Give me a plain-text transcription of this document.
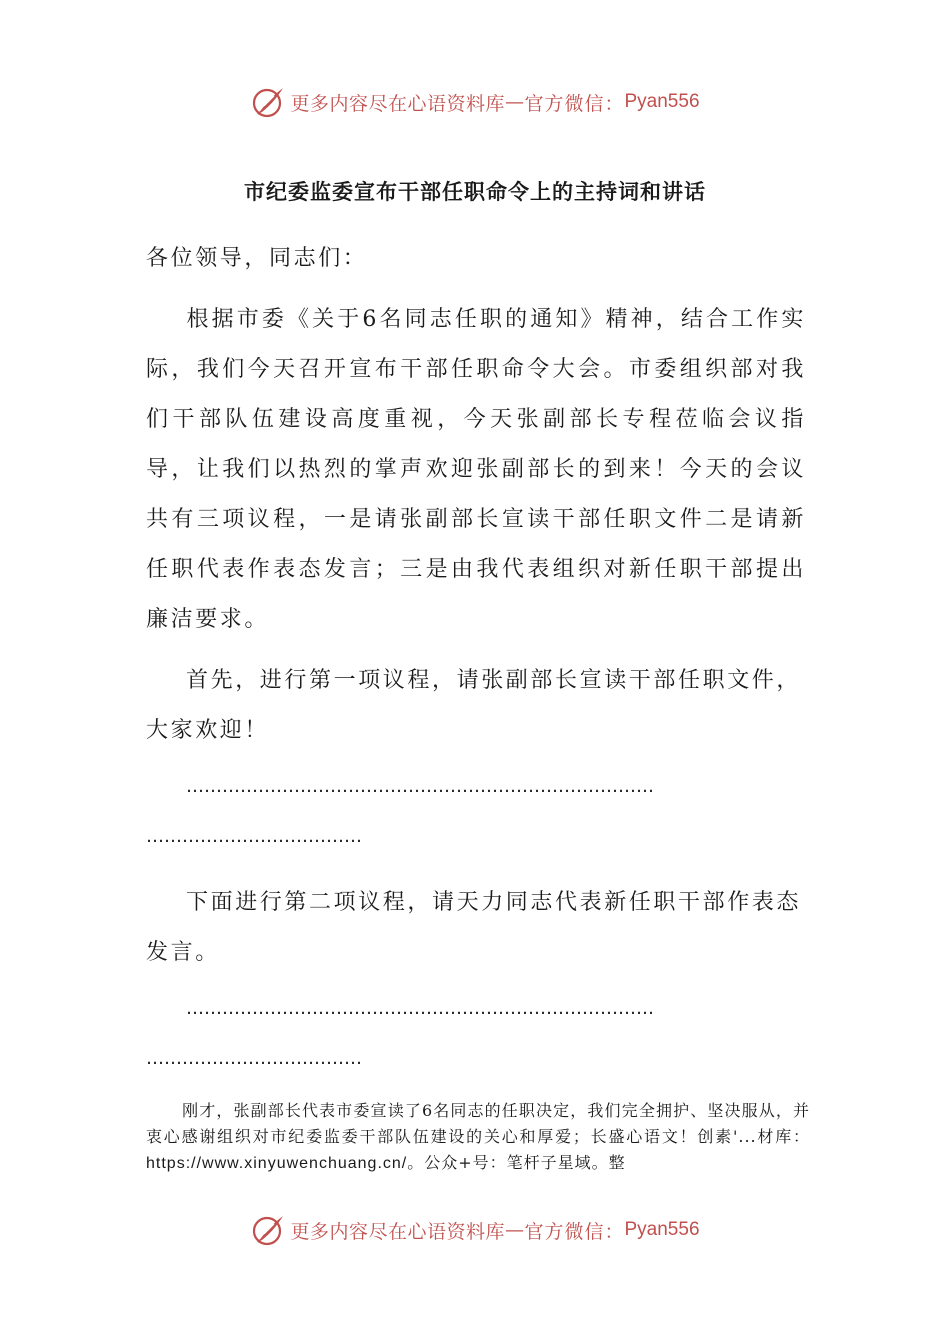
更多内容尽在心语资料库 — 官方微信： Pyan556
市纪委监委宣布干部任职命令上的主持词和讲话
各位领导，同志们：
根据市委《关于6名同志任职的通知》精神，结合工作实际，我们今天召开宣布干部任职命令大会。市委组织部对我们干部队伍建设高度重视，今天张副部长专程莅临会议指导，让我们以热烈的掌声欢迎张副部长的到来！今天的会议共有三项议程，一是请张副部长宣读干部任职文件二是请新任职代表作表态发言；三是由我代表组织对新任职干部提出廉洁要求。
首先，进行第一项议程，请张副部长宣读干部任职文件，大家欢迎！
……………………………………………………………………
………………………………
下面进行第二项议程，请天力同志代表新任职干部作表态发言。
……………………………………………………………………
………………………………
刚才，张副部长代表市委宣读了6名同志的任职决定，我们完全拥护、坚决服从，并衷心感谢组织对市纪委监委干部队伍建设的关心和厚爱；长盛心语文！创素'...材库：https://www.xinyuwenchuang.cn/。公众+号：笔杆子星域。整
更多内容尽在心语资料库 — 官方微信： Pyan556
